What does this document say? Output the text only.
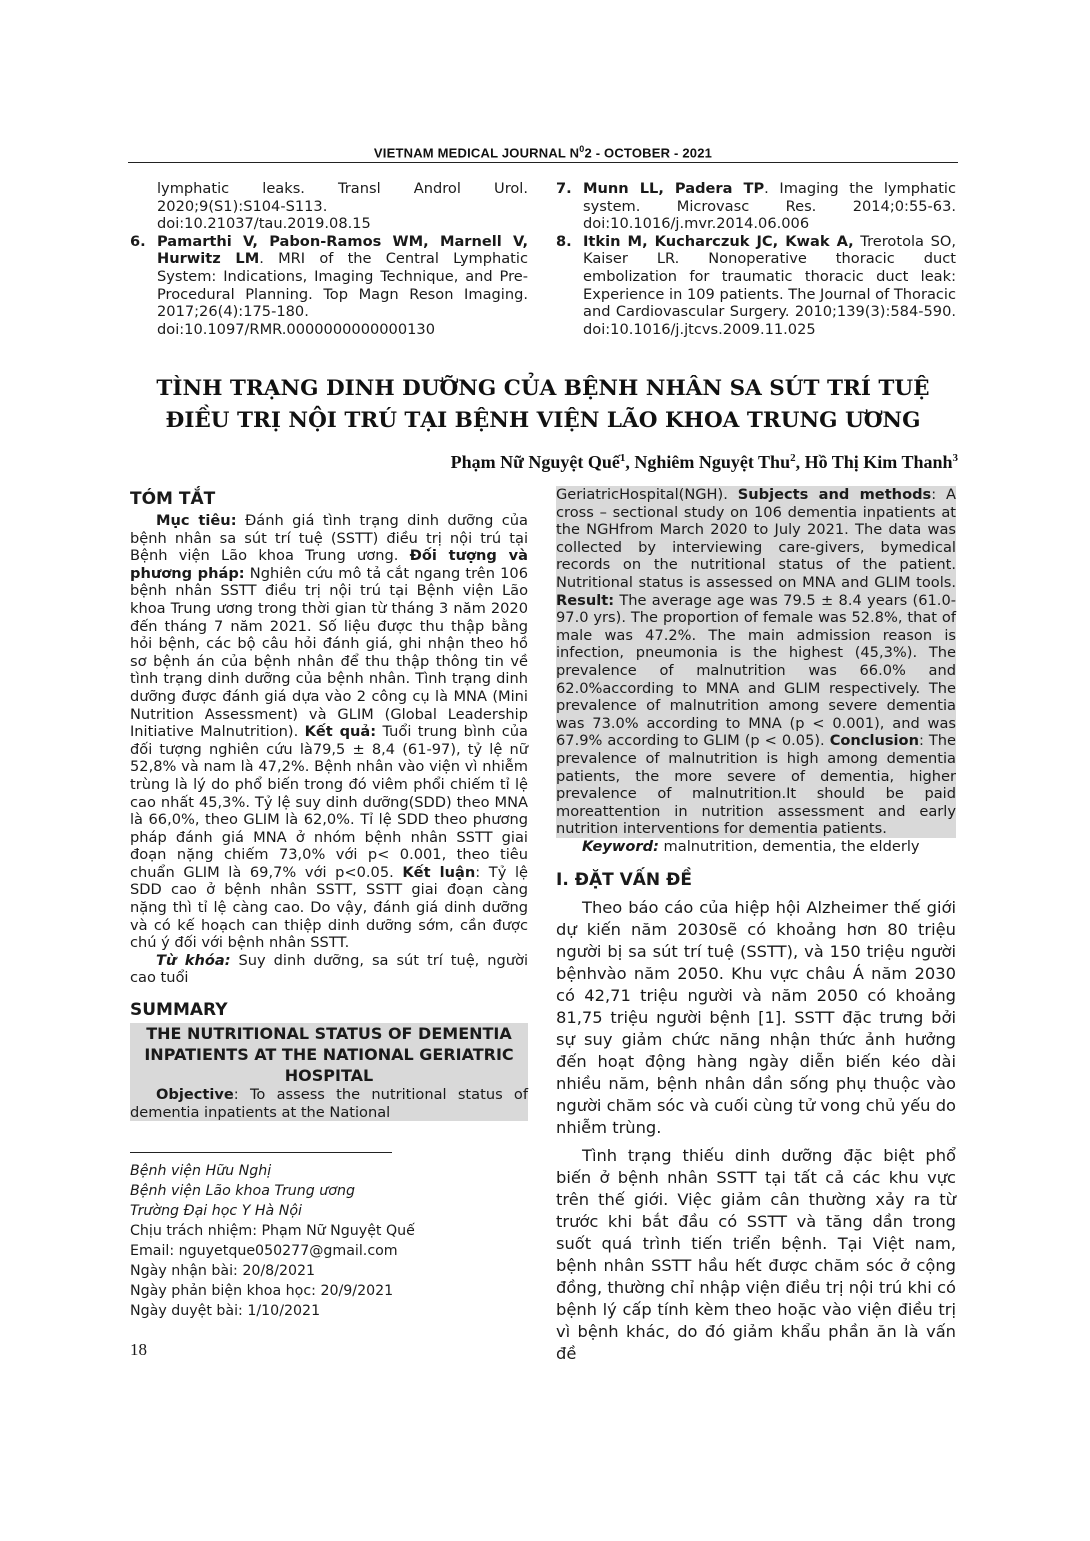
VIETNAM MEDICAL JOURNAL $N^02$ - OCTOBER - 2021
lymphatic leaks. Transl Androl Urol. 2020;9(S1):S104-S113. doi:10.21037/tau.2019.08.15
6. Pamarthi V, Pabon-Ramos WM, Marnell V, Hurwitz LM. MRI of the Central Lymphatic System: Indications, Imaging Technique, and Pre-Procedural Planning. Top Magn Reson Imaging. 2017;26(4):175-180. doi:10.1097/RMR.0000000000000130
7. Munn LL, Padera TP. Imaging the lymphatic system. Microvasc Res. 2014;0:55-63. doi:10.1016/j.mvr.2014.06.006
8. Itkin M, Kucharczuk JC, Kwak A, Trerotola SO, Kaiser LR. Nonoperative thoracic duct embolization for traumatic thoracic duct leak: Experience in 109 patients. The Journal of Thoracic and Cardiovascular Surgery. 2010;139(3):584-590. doi:10.1016/j.jtcvs.2009.11.025
TÌNH TRẠNG DINH DƯỠNG CỦA BỆNH NHÂN SA SÚT TRÍ TUỆ
ĐIỀU TRỊ NỘI TRÚ TẠI BỆNH VIỆN LÃO KHOA TRUNG ƯƠNG
Phạm Nữ Nguyệt Quế$^1$, Nghiêm Nguyệt Thu$^2$, Hồ Thị Kim Thanh$^3$
TÓM TẮT

Mục tiêu: Đánh giá tình trạng dinh dưỡng của bệnh nhân sa sút trí tuệ (SSTT) điều trị nội trú tại Bệnh viện Lão khoa Trung ương. Đối tượng và phương pháp: Nghiên cứu mô tả cắt ngang trên 106 bệnh nhân SSTT điều trị nội trú tại Bệnh viện Lão khoa Trung ương trong thời gian từ tháng 3 năm 2020 đến tháng 7 năm 2021. Số liệu được thu thập bằng hỏi bệnh, các bộ câu hỏi đánh giá, ghi nhận theo hồ sơ bệnh án của bệnh nhân để thu thập thông tin về tình trạng dinh dưỡng của bệnh nhân. Tình trạng dinh dưỡng được đánh giá dựa vào 2 công cụ là MNA (Mini Nutrition Assessment) và GLIM (Global Leadership Initiative Malnutrition). Kết quả: Tuổi trung bình của đối tượng nghiên cứu là79,5 ± 8,4 (61-97), tỷ lệ nữ 52,8% và nam là 47,2%. Bệnh nhân vào viện vì nhiễm trùng là lý do phổ biến trong đó viêm phổi chiếm tỉ lệ cao nhất 45,3%. Tỷ lệ suy dinh dưỡng(SDD) theo MNA là 66,0%, theo GLIM là 62,0%. Tỉ lệ SDD theo phương pháp đánh giá MNA ở nhóm bệnh nhân SSTT giai đoạn nặng chiếm 73,0% với p< 0.001, theo tiêu chuẩn GLIM là 69,7% với p<0.05. Kết luận: Tỷ lệ SDD cao ở bệnh nhân SSTT, SSTT giai đoạn càng nặng thì tỉ lệ càng cao. Do vậy, đánh giá dinh dưỡng và có kế hoạch can thiệp dinh dưỡng sớm, cần được chú ý đối với bệnh nhân SSTT.

Từ khóa: Suy dinh dưỡng, sa sút trí tuệ, người cao tuổi

SUMMARY
THE NUTRITIONAL STATUS OF DEMENTIA INPATIENTS AT THE NATIONAL GERIATRIC HOSPITAL

Objective: To assess the nutritional status of dementia inpatients at the National

Bệnh viện Hữu Nghị
Bệnh viện Lão khoa Trung ương
Trường Đại học Y Hà Nội
Chịu trách nhiệm: Phạm Nữ Nguyệt Quế
Email: nguyetque050277@gmail.com
Ngày nhận bài: 20/8/2021
Ngày phản biện khoa học: 20/9/2021
Ngày duyệt bài: 1/10/2021

GeriatricHospital(NGH). Subjects and methods: A cross – sectional study on 106 dementia inpatients at the NGHfrom March 2020 to July 2021. The data was collected by interviewing care-givers, bymedical records on the nutritional status of the patient. Nutritional status is assessed on MNA and GLIM tools. Result: The average age was 79.5 ± 8.4 years (61.0-97.0 yrs). The proportion of female was 52.8%, that of male was 47.2%. The main admission reason is infection, pneumonia is the highest (45,3%). The prevalence of malnutrition was 66.0% and 62.0%according to MNA and GLIM respectively. The prevalence of malnutrition among severe dementia was 73.0% according to MNA (p < 0.001), and was 67.9% according to GLIM (p < 0.05). Conclusion: The prevalence of malnutrition is high among dementia patients, the more severe of dementia, higher prevalence of malnutrition.It should be paid moreattention in nutrition assessment and early nutrition interventions for dementia patients.

Keyword: malnutrition, dementia, the elderly

I. ĐẶT VẤN ĐỀ

Theo báo cáo của hiệp hội Alzheimer thế giới dự kiến năm 2030sẽ có khoảng hơn 80 triệu người bị sa sút trí tuệ (SSTT), và 150 triệu người bệnhvào năm 2050. Khu vực châu Á năm 2030 có 42,71 triệu người và năm 2050 có khoảng 81,75 triệu người bệnh [1]. SSTT đặc trưng bởi sự suy giảm chức năng nhận thức ảnh hưởng đến hoạt động hàng ngày diễn biến kéo dài nhiều năm, bệnh nhân dần sống phụ thuộc vào người chăm sóc và cuối cùng tử vong chủ yếu do nhiễm trùng.

Tình trạng thiếu dinh dưỡng đặc biệt phổ biến ở bệnh nhân SSTT tại tất cả các khu vực trên thế giới. Việc giảm cân thường xảy ra từ trước khi bắt đầu có SSTT và tăng dần trong suốt quá trình tiến triển bệnh. Tại Việt nam, bệnh nhân SSTT hầu hết được chăm sóc ở cộng đồng, thường chỉ nhập viện điều trị nội trú khi có bệnh lý cấp tính kèm theo hoặc vào viện điều trị vì bệnh khác, do đó giảm khẩu phần ăn là vấn đề

18
